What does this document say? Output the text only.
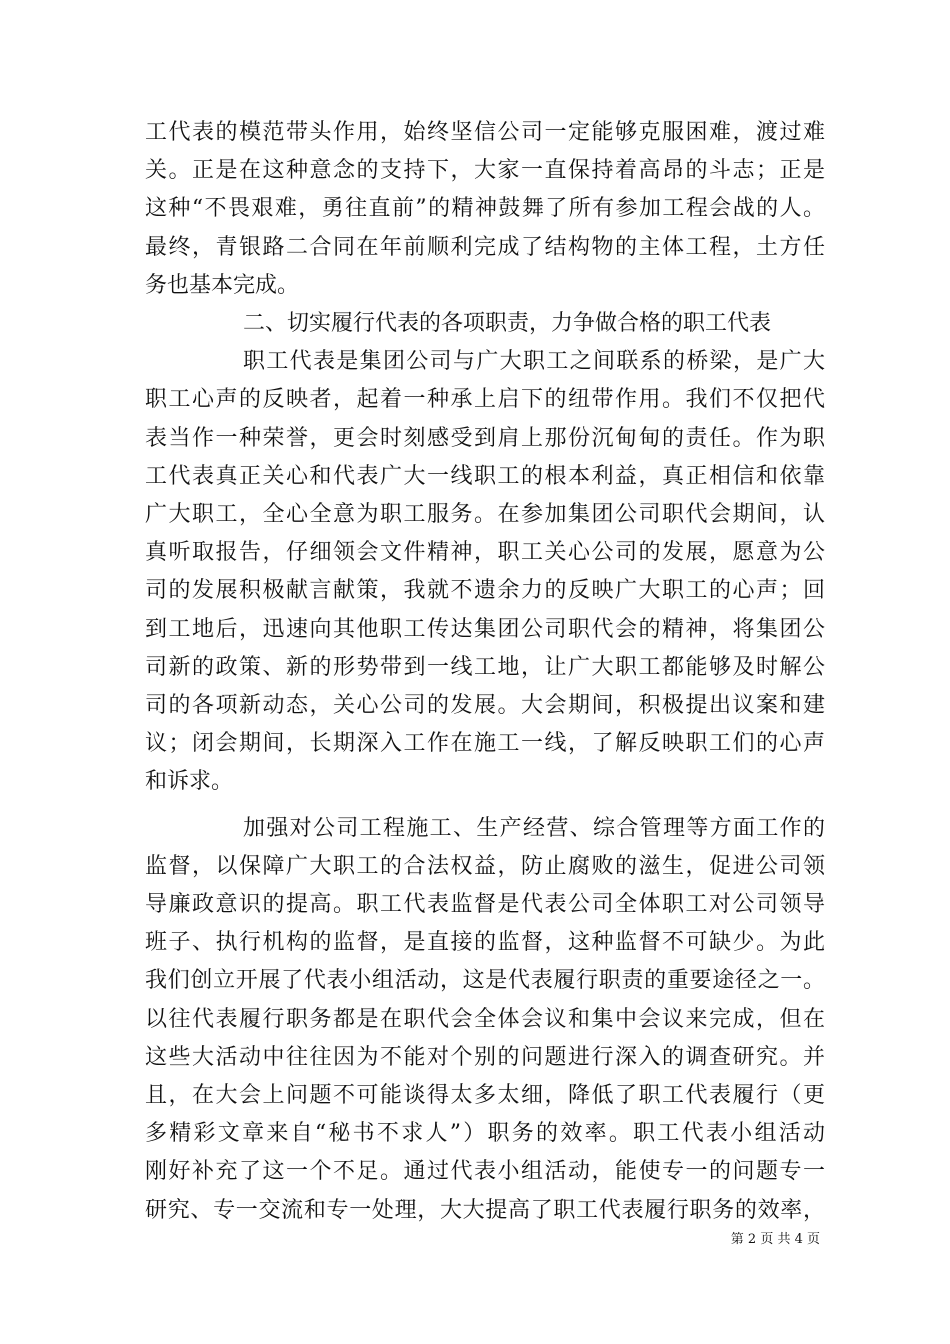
工代表的模范带头作用，始终坚信公司一定能够克服困难，渡过难
关。正是在这种意念的支持下，大家一直保持着高昂的斗志；正是
这种“不畏艰难，勇往直前”的精神鼓舞了所有参加工程会战的人。
最终，青银路二合同在年前顺利完成了结构物的主体工程，土方任
务也基本完成。
二、切实履行代表的各项职责，力争做合格的职工代表
职工代表是集团公司与广大职工之间联系的桥梁，是广大
职工心声的反映者，起着一种承上启下的纽带作用。我们不仅把代
表当作一种荣誉，更会时刻感受到肩上那份沉甸甸的责任。作为职
工代表真正关心和代表广大一线职工的根本利益，真正相信和依靠
广大职工，全心全意为职工服务。在参加集团公司职代会期间，认
真听取报告，仔细领会文件精神，职工关心公司的发展，愿意为公
司的发展积极献言献策，我就不遗余力的反映广大职工的心声；回
到工地后，迅速向其他职工传达集团公司职代会的精神，将集团公
司新的政策、新的形势带到一线工地，让广大职工都能够及时解公
司的各项新动态，关心公司的发展。大会期间，积极提出议案和建
议；闭会期间，长期深入工作在施工一线，了解反映职工们的心声
和诉求。
加强对公司工程施工、生产经营、综合管理等方面工作的
监督，以保障广大职工的合法权益，防止腐败的滋生，促进公司领
导廉政意识的提高。职工代表监督是代表公司全体职工对公司领导
班子、执行机构的监督，是直接的监督，这种监督不可缺少。为此
我们创立开展了代表小组活动，这是代表履行职责的重要途径之一。
以往代表履行职务都是在职代会全体会议和集中会议来完成，但在
这些大活动中往往因为不能对个别的问题进行深入的调查研究。并
且，在大会上问题不可能谈得太多太细，降低了职工代表履行（更
多精彩文章来自“秘书不求人”）职务的效率。职工代表小组活动
刚好补充了这一个不足。通过代表小组活动，能使专一的问题专一
研究、专一交流和专一处理，大大提高了职工代表履行职务的效率，
第 2 页 共 4 页
